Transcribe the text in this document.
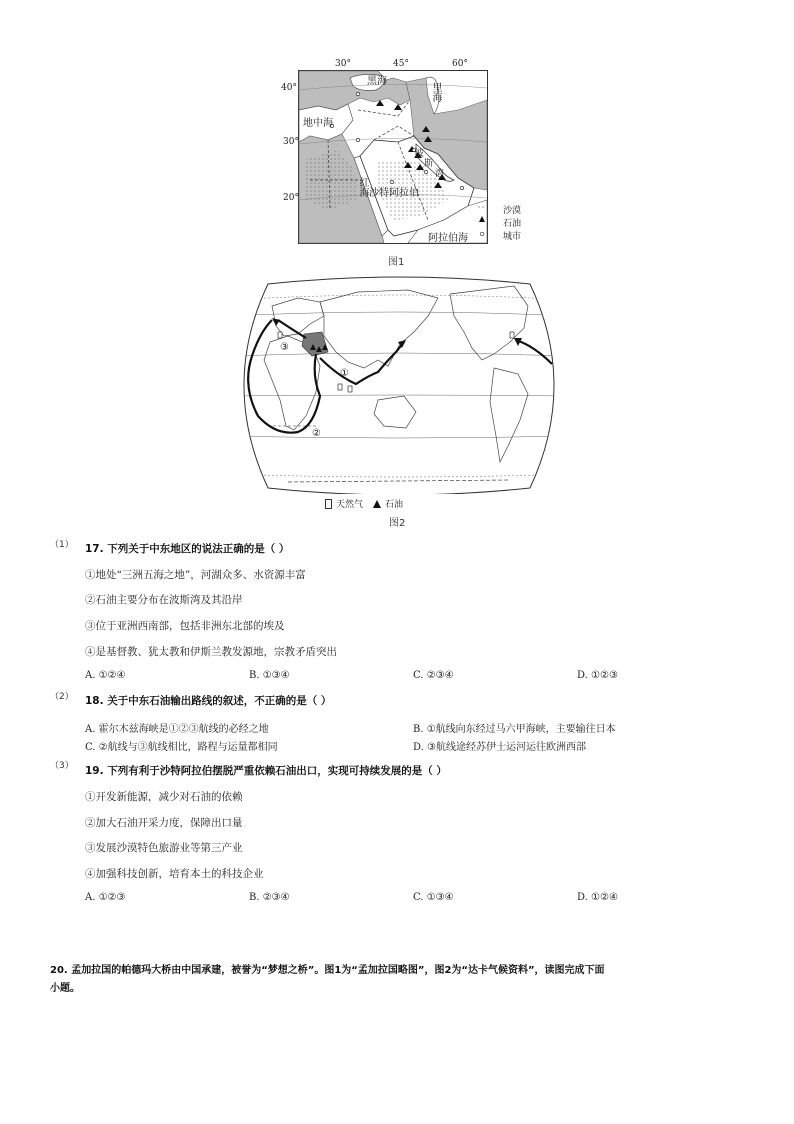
30°	45°	60°
40°
30°
20°
黑海
里海
地中海
红海 沙特阿拉伯
波
斯
湾
阿拉伯海
沙漠
石油
城市
图1
②
③
①
天然气 石油
图2
（1） 17. 下列关于中东地区的说法正确的是（ ）
①地处“三洲五海之地”，河湖众多、水资源丰富
②石油主要分布在波斯湾及其沿岸
③位于亚洲西南部，包括非洲东北部的埃及
④是基督教、犹太教和伊斯兰教发源地，宗教矛盾突出
A. ①②④	B. ①③④	C. ②③④	D. ①②③
（2） 18. 关于中东石油输出路线的叙述，不正确的是（ ）
A. 霍尔木兹海峡是①②③航线的必经之地	B. ①航线向东经过马六甲海峡，主要输往日本
C. ②航线与③航线相比，路程与运量都相同	D. ③航线途经苏伊士运河运往欧洲西部
（3） 19. 下列有利于沙特阿拉伯摆脱严重依赖石油出口，实现可持续发展的是（ ）
①开发新能源，减少对石油的依赖
②加大石油开采力度，保障出口量
③发展沙漠特色旅游业等第三产业
④加强科技创新，培育本土的科技企业
A. ①②③	B. ②③④	C. ①③④	D. ①②④
20. 孟加拉国的帕德玛大桥由中国承建，被誉为“梦想之桥”。图1为“孟加拉国略图”，图2为“达卡气候资料”，读图完成下面
小题。
